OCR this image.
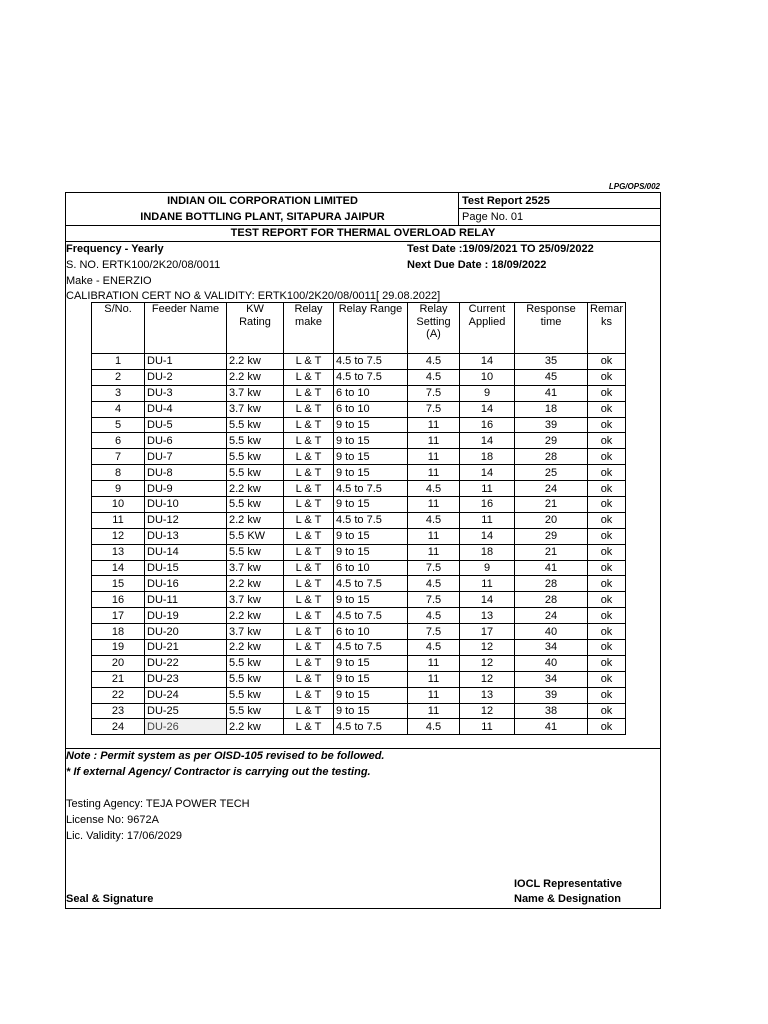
LPG/OPS/002
INDIAN OIL CORPORATION LIMITED
INDANE BOTTLING PLANT, SITAPURA JAIPUR
Test Report 2525
Page No. 01
TEST REPORT FOR THERMAL OVERLOAD RELAY
Frequency - Yearly	Test Date :19/09/2021 TO 25/09/2022
S. NO. ERTK100/2K20/08/0011	Next Due Date : 18/09/2022
Make - ENERZIO
CALIBRATION CERT NO & VALIDITY: ERTK100/2K20/08/0011[ 29.08.2022]
S/No.	Feeder Name	KW Rating	Relay make	Relay Range	Relay Setting (A)	Current Applied	Response time	Remar ks
1	DU-1	2.2 kw	L & T	4.5 to 7.5	4.5	14	35	ok
2	DU-2	2.2 kw	L & T	4.5 to 7.5	4.5	10	45	ok
3	DU-3	3.7 kw	L & T	6 to 10	7.5	9	41	ok
4	DU-4	3.7 kw	L & T	6 to 10	7.5	14	18	ok
5	DU-5	5.5 kw	L & T	9 to 15	11	16	39	ok
6	DU-6	5.5 kw	L & T	9 to 15	11	14	29	ok
7	DU-7	5.5 kw	L & T	9 to 15	11	18	28	ok
8	DU-8	5.5 kw	L & T	9 to 15	11	14	25	ok
9	DU-9	2.2 kw	L & T	4.5 to 7.5	4.5	11	24	ok
10	DU-10	5.5 kw	L & T	9 to 15	11	16	21	ok
11	DU-12	2.2 kw	L & T	4.5 to 7.5	4.5	11	20	ok
12	DU-13	5.5 KW	L & T	9 to 15	11	14	29	ok
13	DU-14	5.5 kw	L & T	9 to 15	11	18	21	ok
14	DU-15	3.7 kw	L & T	6 to 10	7.5	9	41	ok
15	DU-16	2.2 kw	L & T	4.5 to 7.5	4.5	11	28	ok
16	DU-11	3.7 kw	L & T	9 to 15	7.5	14	28	ok
17	DU-19	2.2 kw	L & T	4.5 to 7.5	4.5	13	24	ok
18	DU-20	3.7 kw	L & T	6 to 10	7.5	17	40	ok
19	DU-21	2.2 kw	L & T	4.5 to 7.5	4.5	12	34	ok
20	DU-22	5.5 kw	L & T	9 to 15	11	12	40	ok
21	DU-23	5.5 kw	L & T	9 to 15	11	12	34	ok
22	DU-24	5.5 kw	L & T	9 to 15	11	13	39	ok
23	DU-25	5.5 kw	L & T	9 to 15	11	12	38	ok
24	DU-26	2.2 kw	L & T	4.5 to 7.5	4.5	11	41	ok
Note : Permit system as per OISD-105 revised to be followed.
* If external Agency/ Contractor is carrying out the testing.
Testing Agency: TEJA POWER TECH
License No: 9672A
Lic. Validity: 17/06/2029
IOCL Representative
Seal & Signature	Name & Designation
